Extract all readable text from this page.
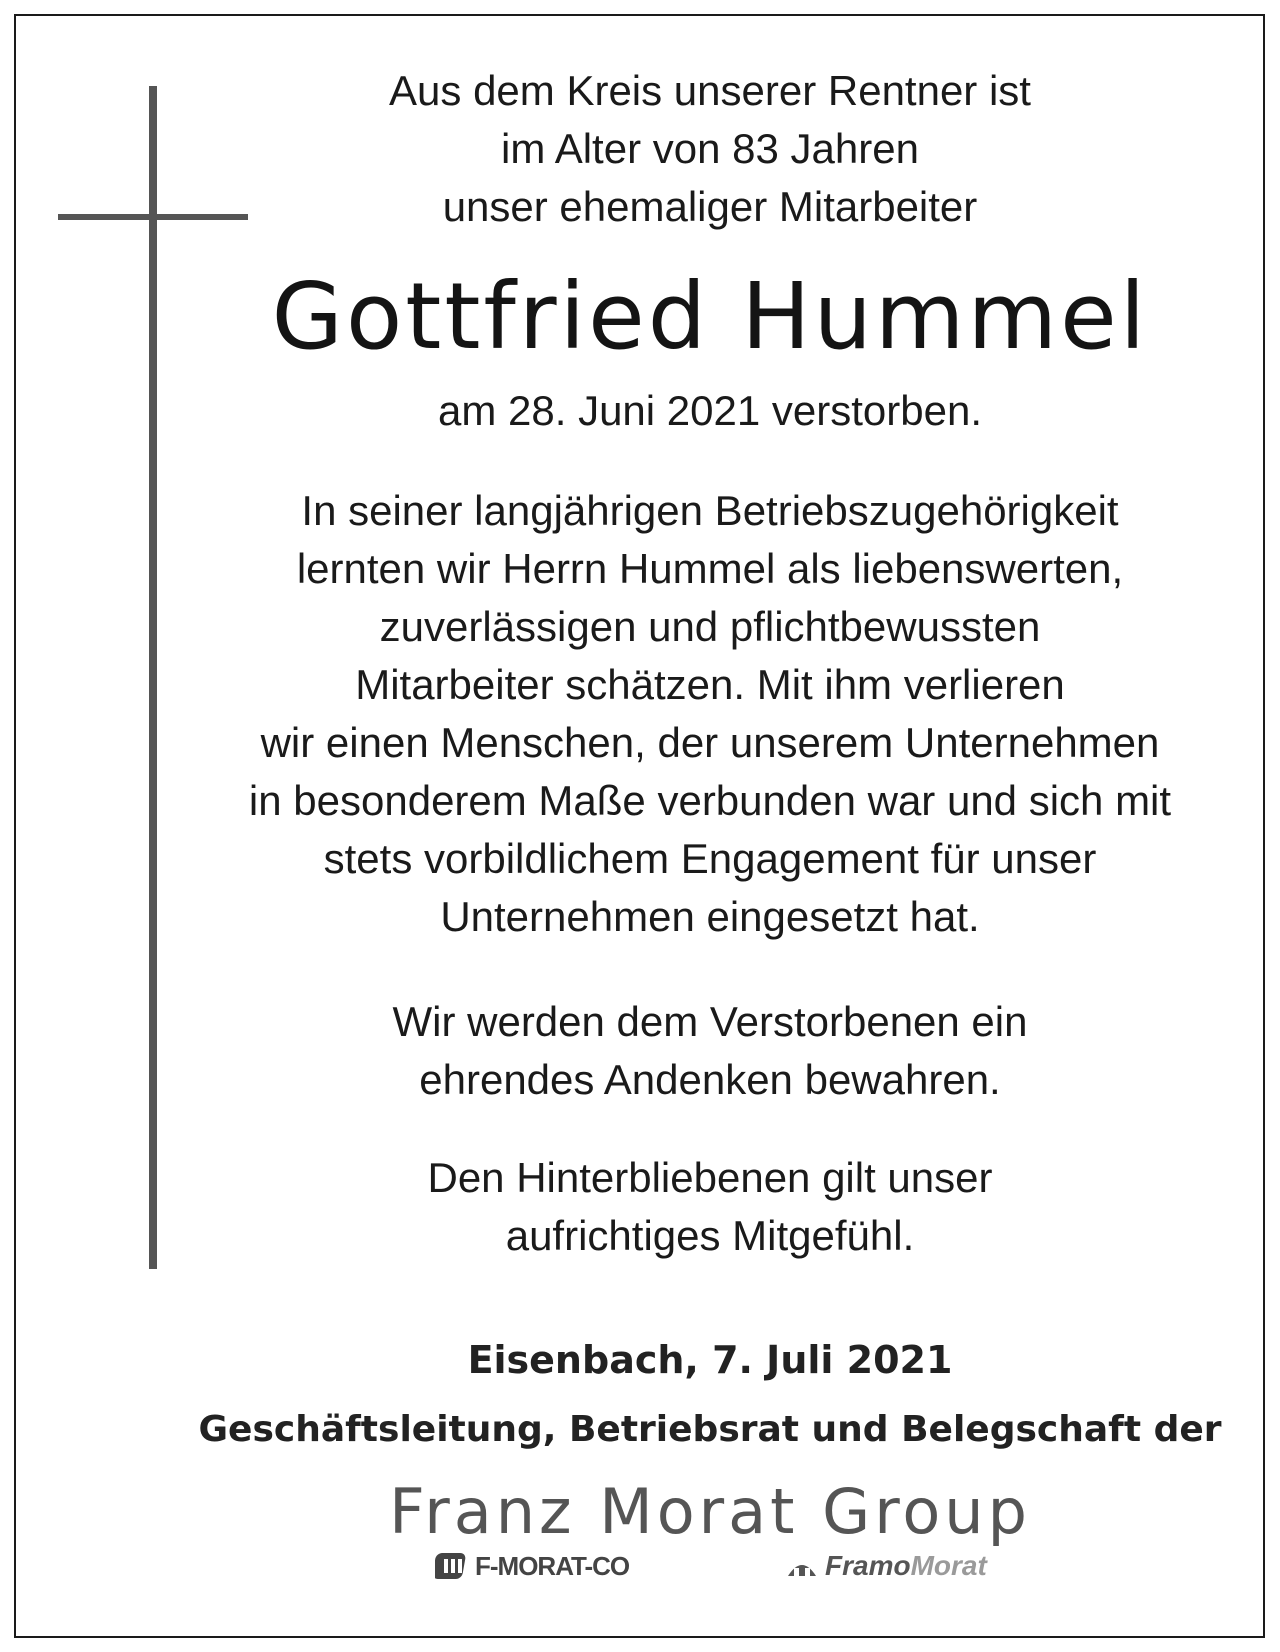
Aus dem Kreis unserer Rentner ist
im Alter von 83 Jahren
unser ehemaliger Mitarbeiter
Gottfried Hummel
am 28. Juni 2021 verstorben.
In seiner langjährigen Betriebszugehörigkeit
lernten wir Herrn Hummel als liebenswerten,
zuverlässigen und pflichtbewussten
Mitarbeiter schätzen. Mit ihm verlieren
wir einen Menschen, der unserem Unternehmen
in besonderem Maße verbunden war und sich mit
stets vorbildlichem Engagement für unser
Unternehmen eingesetzt hat.
Wir werden dem Verstorbenen ein
ehrendes Andenken bewahren.
Den Hinterbliebenen gilt unser
aufrichtiges Mitgefühl.
Eisenbach, 7. Juli 2021
Geschäftsleitung, Betriebsrat und Belegschaft der
Franz Morat Group
F-MORAT-CO	Framo Morat
